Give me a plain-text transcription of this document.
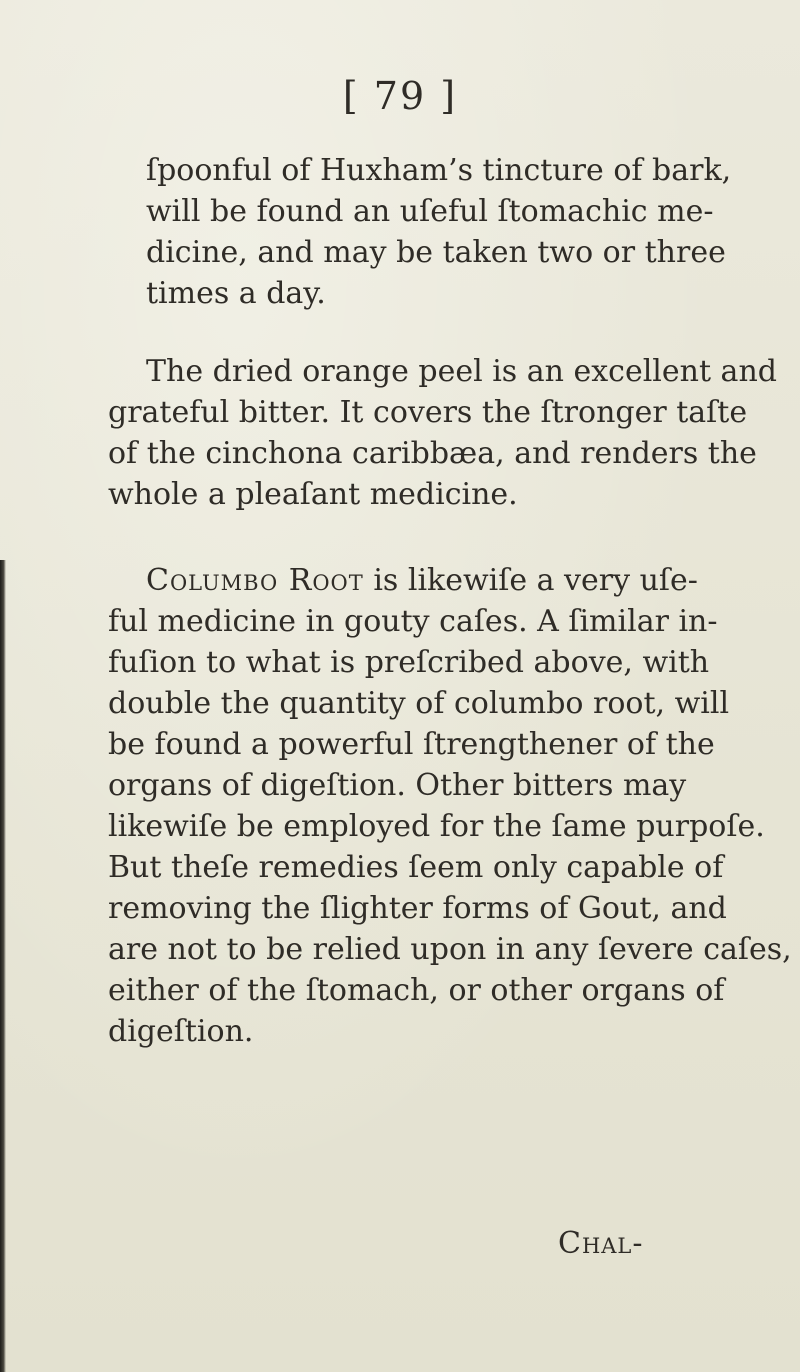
[ 79 ]
ſpoonful of Huxham’s tincture of bark,
will be found an uſeful ſtomachic me-
dicine, and may be taken two or three
times a day.
The dried orange peel is an excellent and
grateful bitter. It covers the ſtronger taſte
of the cinchona caribbæa, and renders the
whole a pleaſant medicine.
Columbo Root is likewiſe a very uſe-
ful medicine in gouty caſes. A ſimilar in-
fuſion to what is preſcribed above, with
double the quantity of columbo root, will
be found a powerful ſtrengthener of the
organs of digeſtion. Other bitters may
likewiſe be employed for the ſame purpoſe.
But theſe remedies ſeem only capable of
removing the ſlighter forms of Gout, and
are not to be relied upon in any ſevere caſes,
either of the ſtomach, or other organs of
digeſtion.
Chal-
